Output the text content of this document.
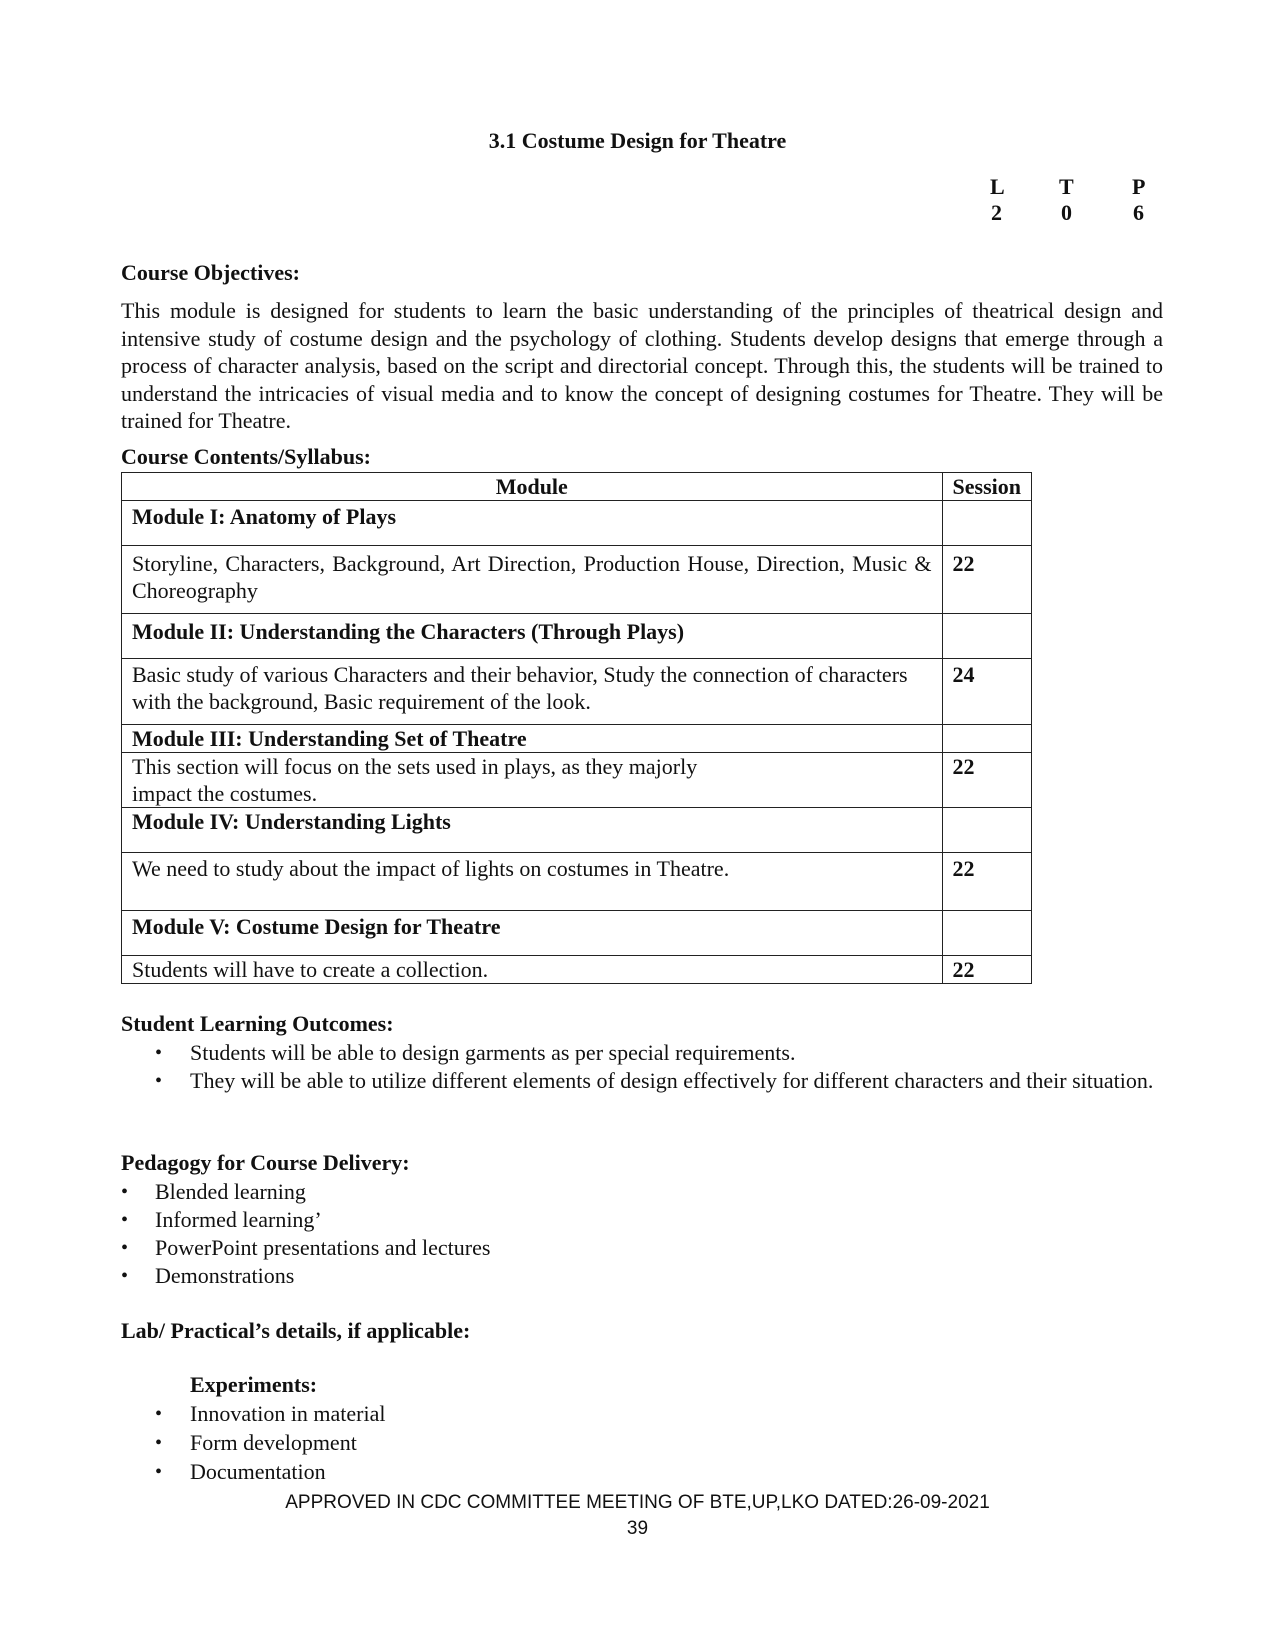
3.1 Costume Design for Theatre
L T	P
2	0	6
Course Objectives:
This module is designed for students to learn the basic understanding of the principles of theatrical design and intensive study of costume design and the psychology of clothing. Students develop designs that emerge through a process of character analysis, based on the script and directorial concept. Through this, the students will be trained to understand the intricacies of visual media and to know the concept of designing costumes for Theatre. They will be trained for Theatre.
Course Contents/Syllabus:
Module	Session
Module I: Anatomy of Plays	
Storyline, Characters, Background, Art Direction, Production House, Direction, Music & Choreography	22
Module II: Understanding the Characters (Through Plays)	
Basic study of various Characters and their behavior, Study the connection of characters with the background, Basic requirement of the look.	24
Module III: Understanding Set of Theatre	
This section will focus on the sets used in plays, as they majorly impact the costumes.	22
Module IV: Understanding Lights	
We need to study about the impact of lights on costumes in Theatre.	22
Module V: Costume Design for Theatre	
Students will have to create a collection.	22
Student Learning Outcomes:
• Students will be able to design garments as per special requirements.
• They will be able to utilize different elements of design effectively for different characters and their situation.
Pedagogy for Course Delivery:
• Blended learning
• Informed learning’
• PowerPoint presentations and lectures
• Demonstrations
Lab/ Practical’s details, if applicable:
Experiments:
• Innovation in material
• Form development
• Documentation
APPROVED IN CDC COMMITTEE MEETING OF BTE,UP,LKO DATED:26-09-2021
39
